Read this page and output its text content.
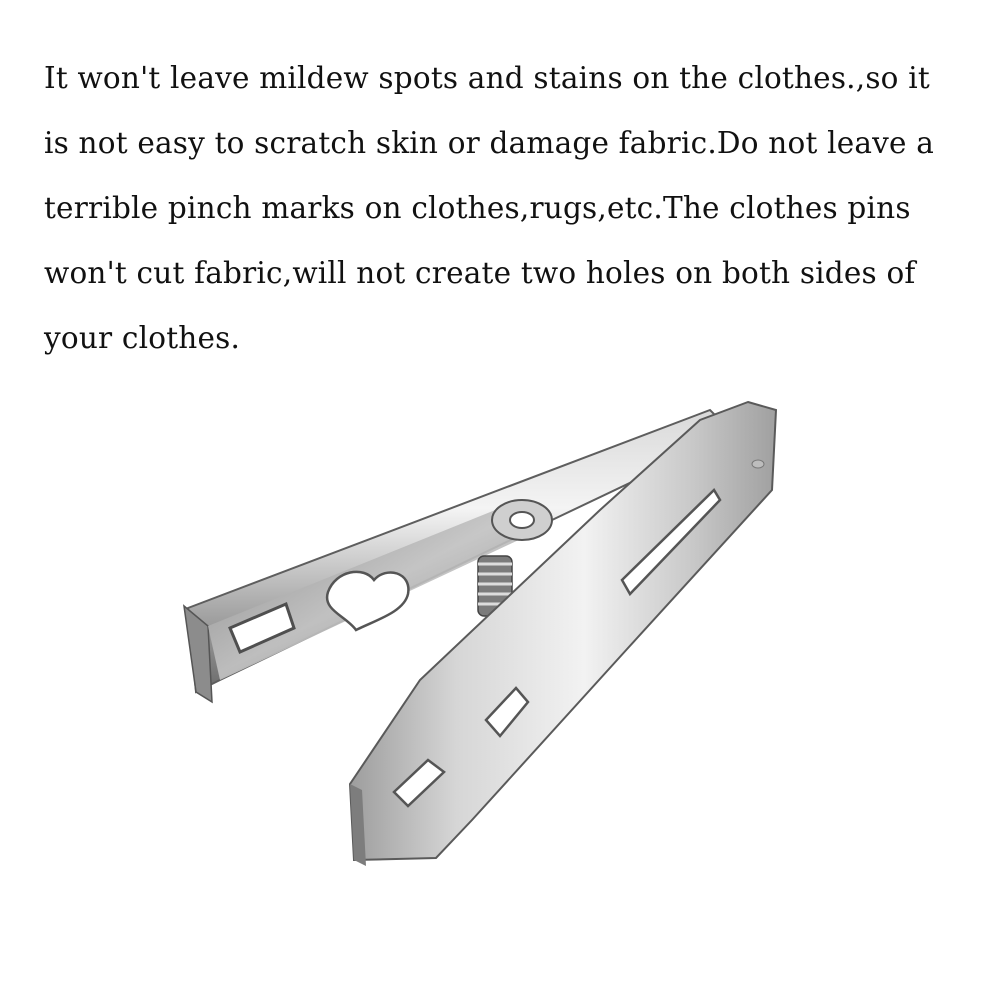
It won't leave mildew spots and stains on the clothes.,so it
is not easy to scratch skin or damage fabric.Do not leave a
terrible pinch marks on clothes,rugs,etc.The clothes pins
won't cut fabric,will not create two holes on both sides of
your clothes.
